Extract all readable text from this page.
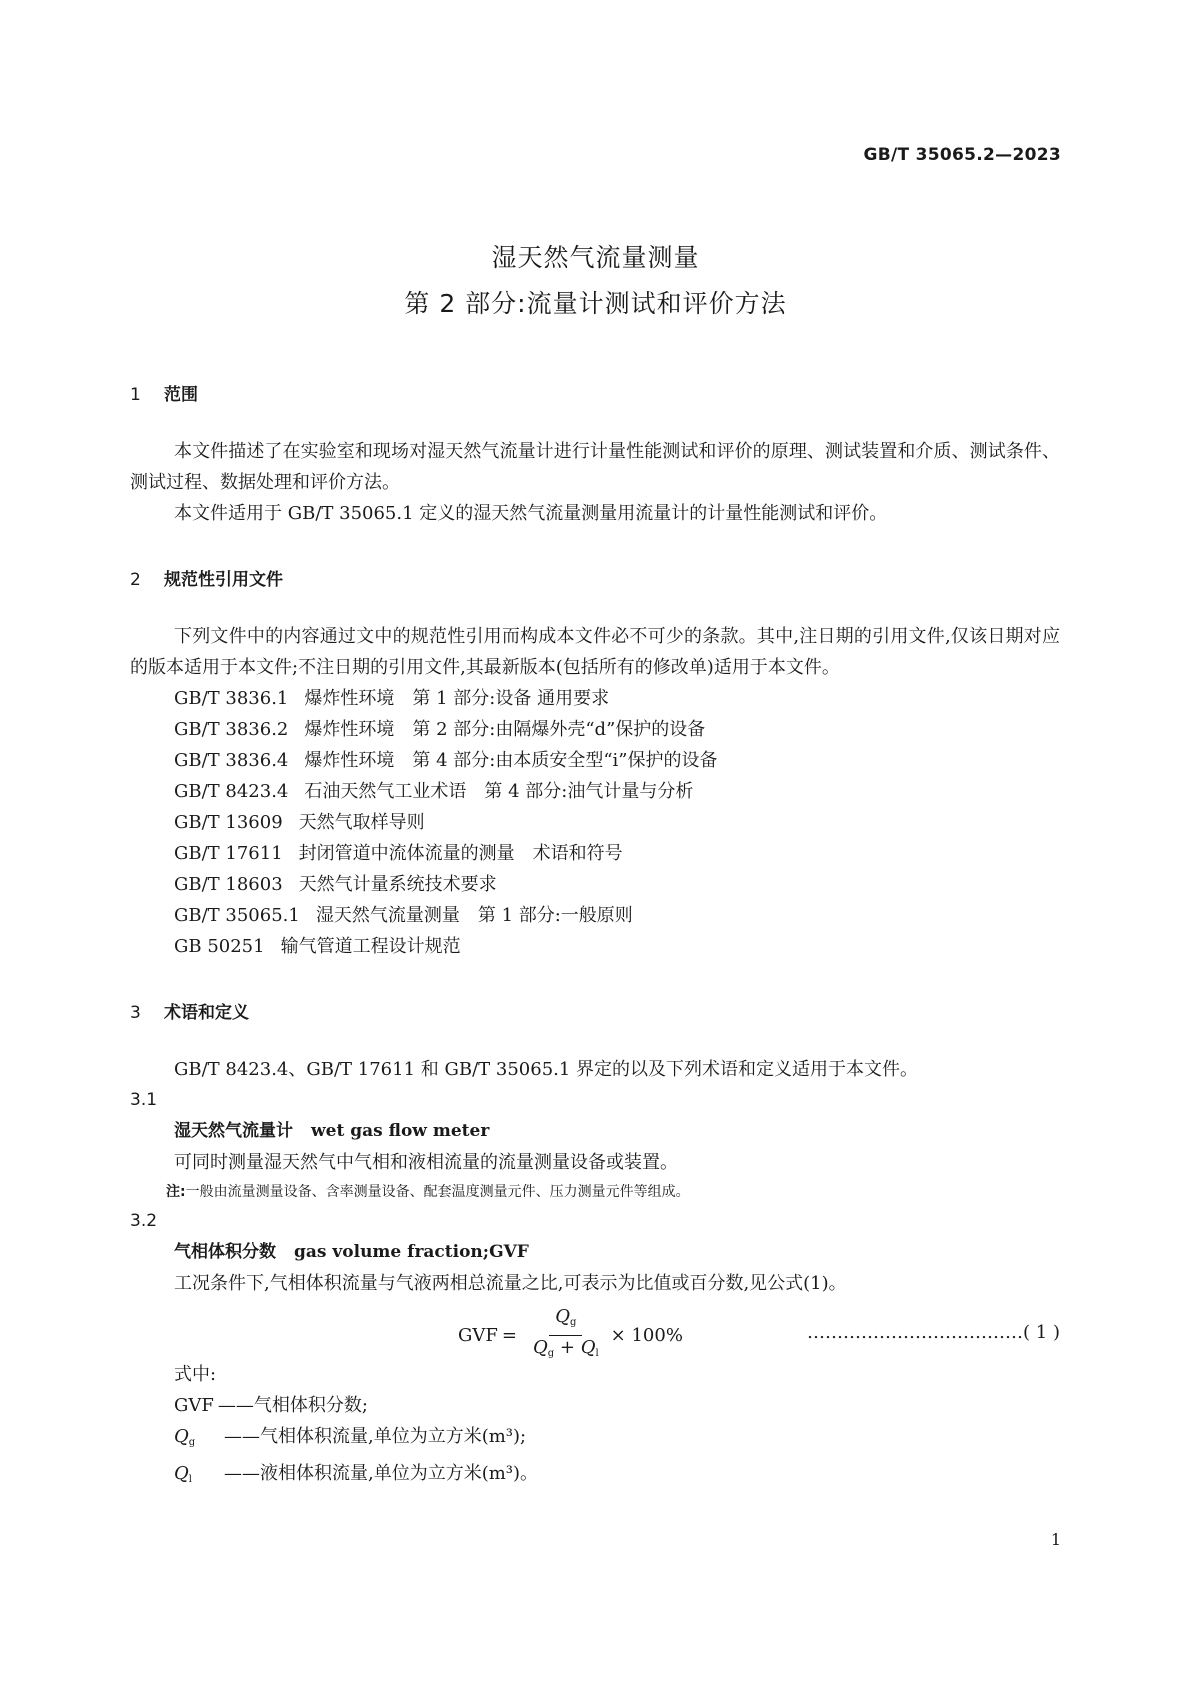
GB/T 35065.2—2023
湿天然气流量测量
第 2 部分:流量计测试和评价方法
1 范围

本文件描述了在实验室和现场对湿天然气流量计进行计量性能测试和评价的原理、测试装置和介质、测试条件、测试过程、数据处理和评价方法。

本文件适用于 GB/T 35065.1 定义的湿天然气流量测量用流量计的计量性能测试和评价。

2 规范性引用文件

下列文件中的内容通过文中的规范性引用而构成本文件必不可少的条款。其中,注日期的引用文件,仅该日期对应的版本适用于本文件;不注日期的引用文件,其最新版本(包括所有的修改单)适用于本文件。

GB/T 3836.1 爆炸性环境　第 1 部分:设备 通用要求
GB/T 3836.2 爆炸性环境　第 2 部分:由隔爆外壳“d”保护的设备
GB/T 3836.4 爆炸性环境　第 4 部分:由本质安全型“i”保护的设备
GB/T 8423.4 石油天然气工业术语　第 4 部分:油气计量与分析
GB/T 13609 天然气取样导则
GB/T 17611 封闭管道中流体流量的测量　术语和符号
GB/T 18603 天然气计量系统技术要求
GB/T 35065.1 湿天然气流量测量　第 1 部分:一般原则
GB 50251 输气管道工程设计规范
3 术语和定义

GB/T 8423.4、GB/T 17611 和 GB/T 35065.1 界定的以及下列术语和定义适用于本文件。

3.1
湿天然气流量计 wet gas flow meter
可同时测量湿天然气中气相和液相流量的流量测量设备或装置。
注:一般由流量测量设备、含率测量设备、配套温度测量元件、压力测量元件等组成。
3.2
气相体积分数 gas volume fraction;GVF
工况条件下,气相体积流量与气液两相总流量之比,可表示为比值或百分数,见公式(1)。
GVF = $\frac{Q_g}{Q_g + Q_l} \times 100\%$	………………………………( 1 )
式中:
GVF ——气相体积分数;
$Q_g$	——气相体积流量,单位为立方米(m³);
$Q_l$	——液相体积流量,单位为立方米(m³)。
1
